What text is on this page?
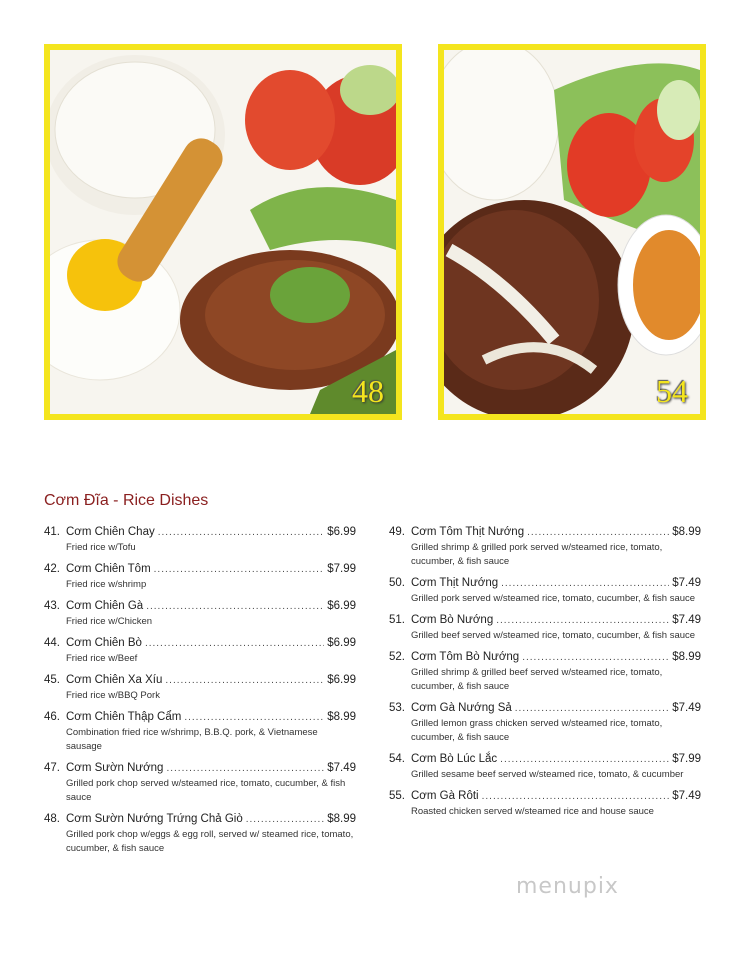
48	54
Cơm Đĩa - Rice Dishes
41. Cơm Chiên Chay .....	$6.99
Fried rice w/Tofu
42. Cơm Chiên Tôm .....	$7.99
Fried rice w/shrimp
43. Cơm Chiên Gà .....	$6.99
Fried rice w/Chicken
44. Cơm Chiên Bò .....	$6.99
Fried rice w/Beef
45. Cơm Chiên Xa Xíu .....	$6.99
Fried rice w/BBQ Pork
46. Cơm Chiên Thập Cẩm .....	$8.99
Combination fried rice w/shrimp, B.B.Q. pork, & Vietnamese sausage
47. Cơm Sườn Nướng .....	$7.49
Grilled pork chop served w/steamed rice, tomato, cucumber, & fish sauce
48. Cơm Sườn Nướng Trứng Chả Giò .....	$8.99
Grilled pork chop w/eggs & egg roll, served w/ steamed rice, tomato, cucumber, & fish sauce
49. Cơm Tôm Thịt Nướng .....	$8.99
Grilled shrimp & grilled pork served w/steamed rice, tomato, cucumber, & fish sauce
50. Cơm Thịt Nướng .....	$7.49
Grilled pork served w/steamed rice, tomato, cucumber, & fish sauce
51. Cơm Bò Nướng .....	$7.49
Grilled beef served w/steamed rice, tomato, cucumber, & fish sauce
52. Cơm Tôm Bò Nướng .....	$8.99
Grilled shrimp & grilled beef served w/steamed rice, tomato, cucumber, & fish sauce
53. Cơm Gà Nướng Sả .....	$7.49
Grilled lemon grass chicken served w/steamed rice, tomato, cucumber, & fish sauce
54. Cơm Bò Lúc Lắc .....	$7.99
Grilled sesame beef served w/steamed rice, tomato, & cucumber
55. Cơm Gà Rôti .....	$7.49
Roasted chicken served w/steamed rice and house sauce
menupix
